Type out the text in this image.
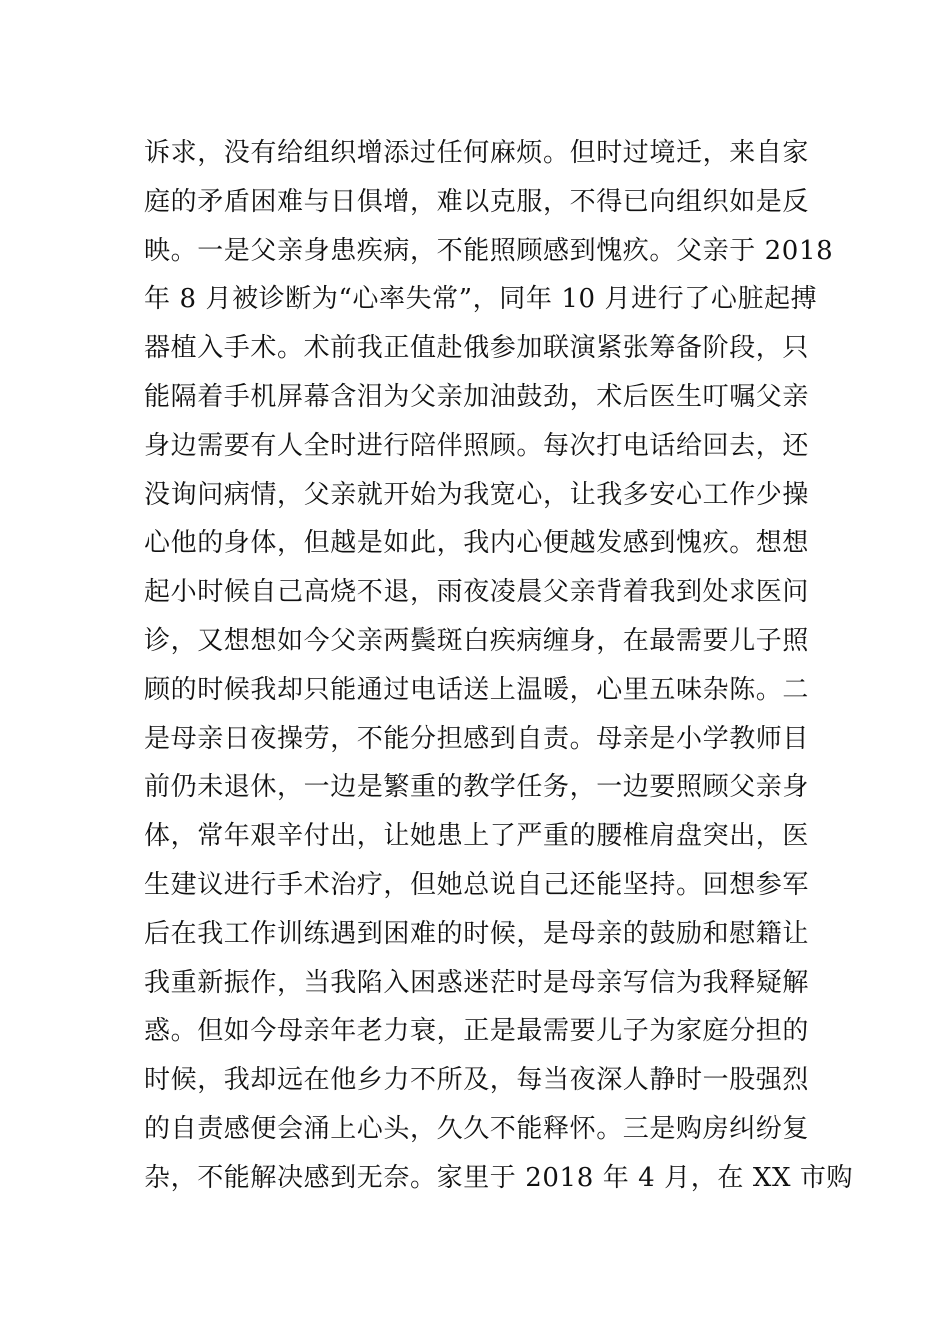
诉求，没有给组织增添过任何麻烦。但时过境迁，来自家
庭的矛盾困难与日俱增，难以克服，不得已向组织如是反
映。一是父亲身患疾病，不能照顾感到愧疚。父亲于 2018
年 8 月被诊断为“心率失常”，同年 10 月进行了心脏起搏
器植入手术。术前我正值赴俄参加联演紧张筹备阶段，只
能隔着手机屏幕含泪为父亲加油鼓劲，术后医生叮嘱父亲
身边需要有人全时进行陪伴照顾。每次打电话给回去，还
没询问病情，父亲就开始为我宽心，让我多安心工作少操
心他的身体，但越是如此，我内心便越发感到愧疚。想想
起小时候自己高烧不退，雨夜凌晨父亲背着我到处求医问
诊，又想想如今父亲两鬓斑白疾病缠身，在最需要儿子照
顾的时候我却只能通过电话送上温暖，心里五味杂陈。二
是母亲日夜操劳，不能分担感到自责。母亲是小学教师目
前仍未退休，一边是繁重的教学任务，一边要照顾父亲身
体，常年艰辛付出，让她患上了严重的腰椎肩盘突出，医
生建议进行手术治疗，但她总说自己还能坚持。回想参军
后在我工作训练遇到困难的时候，是母亲的鼓励和慰籍让
我重新振作，当我陷入困惑迷茫时是母亲写信为我释疑解
惑。但如今母亲年老力衰，正是最需要儿子为家庭分担的
时候，我却远在他乡力不所及，每当夜深人静时一股强烈
的自责感便会涌上心头，久久不能释怀。三是购房纠纷复
杂，不能解决感到无奈。家里于 2018 年 4 月，在 XX 市购
